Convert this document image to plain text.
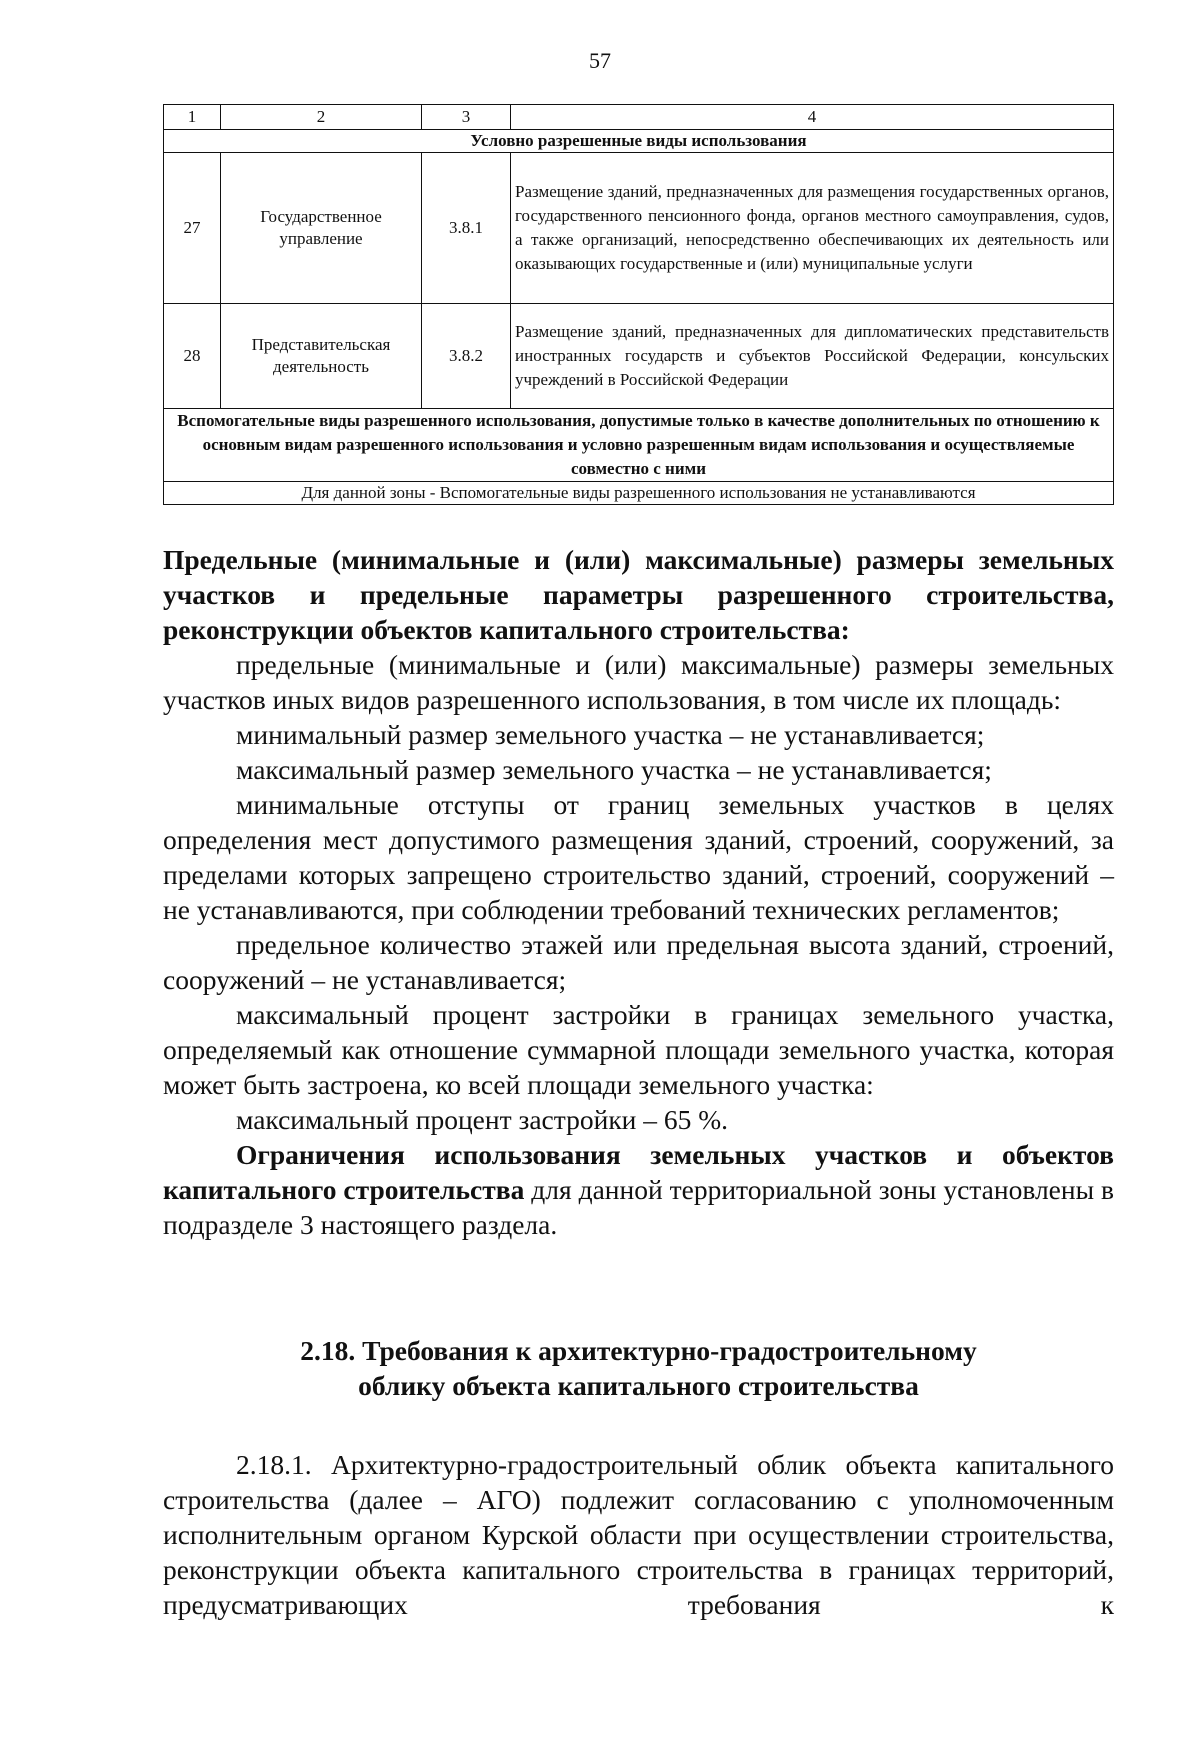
57
1	2	3	4
Условно разрешенные виды использования			
27	Государственное управление	3.8.1	Размещение зданий, предназначенных для размещения государственных органов, государственного пенсионного фонда, органов местного самоуправления, судов, а также организаций, непосредственно обеспечивающих их деятельность или оказывающих государственные и (или) муниципальные услуги
28	Представительская деятельность	3.8.2	Размещение зданий, предназначенных для дипломатических представительств иностранных государств и субъектов Российской Федерации, консульских учреждений в Российской Федерации
Вспомогательные виды разрешенного использования, допустимые только в качестве дополнительных по отношению к основным видам разрешенного использования и условно разрешенным видам использования и осуществляемые совместно с ними			
Для данной зоны - Вспомогательные виды разрешенного использования не устанавливаются			

Предельные (минимальные и (или) максимальные) размеры земельных участков и предельные параметры разрешенного строительства, реконструкции объектов капитального строительства:

предельные (минимальные и (или) максимальные) размеры земельных участков иных видов разрешенного использования, в том числе их площадь:

минимальный размер земельного участка – не устанавливается;

максимальный размер земельного участка – не устанавливается;

минимальные отступы от границ земельных участков в целях определения мест допустимого размещения зданий, строений, сооружений, за пределами которых запрещено строительство зданий, строений, сооружений – не устанавливаются, при соблюдении требований технических регламентов;

предельное количество этажей или предельная высота зданий, строений, сооружений – не устанавливается;

максимальный процент застройки в границах земельного участка, определяемый как отношение суммарной площади земельного участка, которая может быть застроена, ко всей площади земельного участка:

максимальный процент застройки – 65 %.

Ограничения использования земельных участков и объектов капитального строительства для данной территориальной зоны установлены в подразделе 3 настоящего раздела.

2.18. Требования к архитектурно-градостроительному

облику объекта капитального строительства

2.18.1. Архитектурно-градостроительный облик объекта капитального строительства (далее – АГО) подлежит согласованию с уполномоченным исполнительным органом Курской области при осуществлении строительства, реконструкции объекта капитального строительства в границах территорий, предусматривающих требования к
